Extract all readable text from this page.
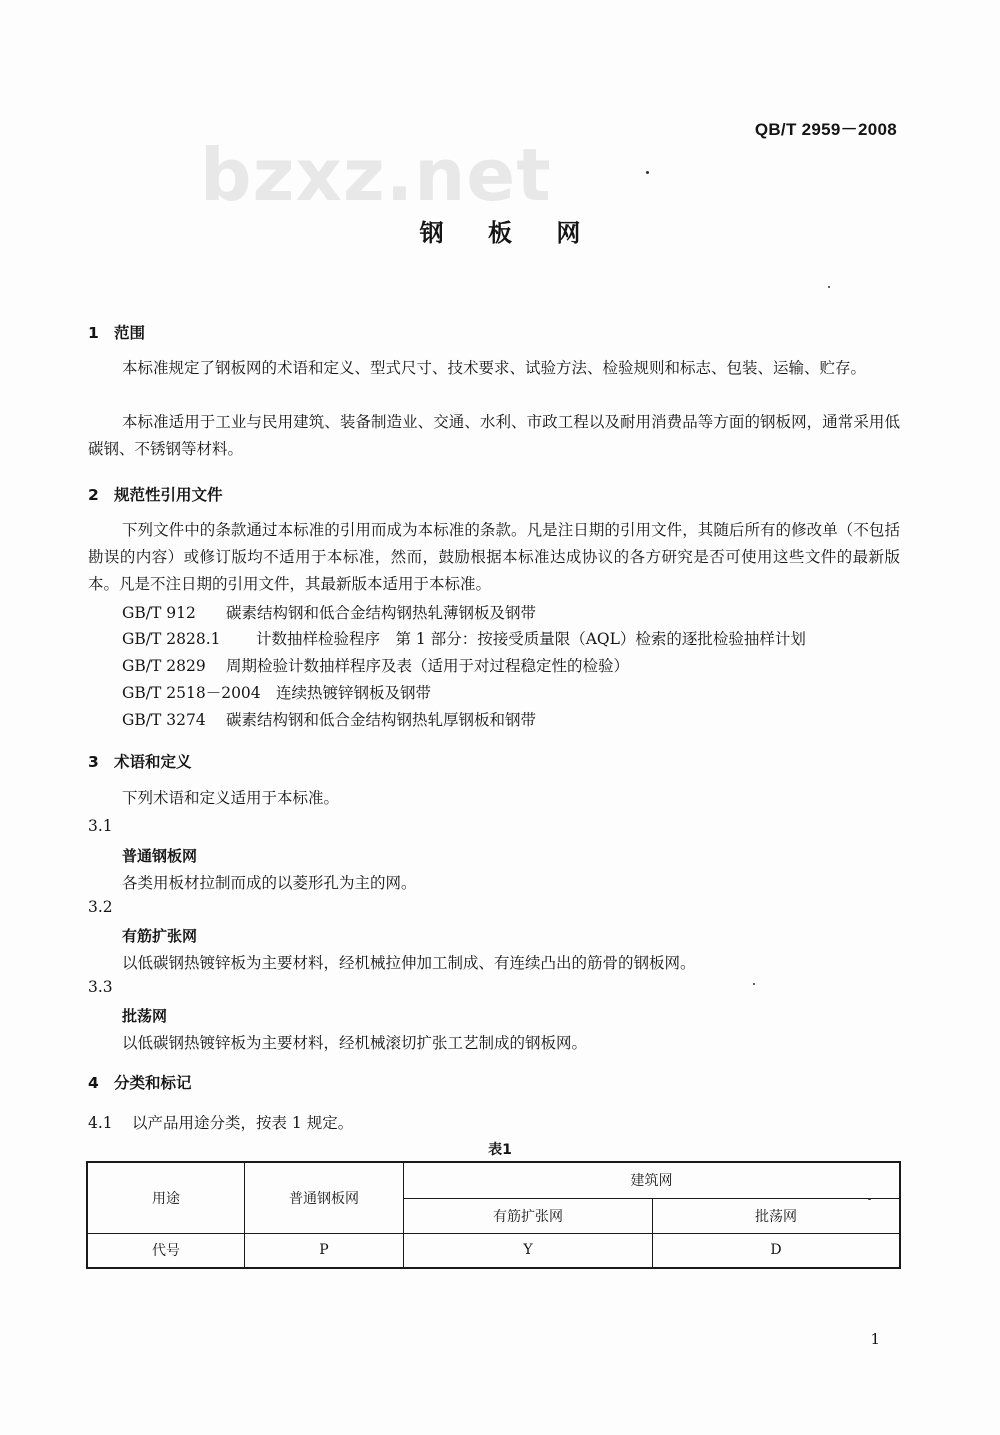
bzxz.net
QB/T 2959－2008
钢 板 网
1 范围
本标准规定了钢板网的术语和定义、型式尺寸、技术要求、试验方法、检验规则和标志、包装、运输、贮存。
本标准适用于工业与民用建筑、装备制造业、交通、水利、市政工程以及耐用消费品等方面的钢板网，通常采用低碳钢、不锈钢等材料。
2 规范性引用文件
下列文件中的条款通过本标准的引用而成为本标准的条款。凡是注日期的引用文件，其随后所有的修改单（不包括勘误的内容）或修订版均不适用于本标准，然而，鼓励根据本标准达成协议的各方研究是否可使用这些文件的最新版本。凡是不注日期的引用文件，其最新版本适用于本标准。
GB/T 912 碳素结构钢和低合金结构钢热轧薄钢板及钢带
GB/T 2828.1 计数抽样检验程序　第 1 部分：按接受质量限（AQL）检索的逐批检验抽样计划
GB/T 2829 周期检验计数抽样程序及表（适用于对过程稳定性的检验）
GB/T 2518－2004 连续热镀锌钢板及钢带
GB/T 3274 碳素结构钢和低合金结构钢热轧厚钢板和钢带
3 术语和定义
下列术语和定义适用于本标准。
3.1
普通钢板网
各类用板材拉制而成的以菱形孔为主的网。
3.2
有筋扩张网
以低碳钢热镀锌板为主要材料，经机械拉伸加工制成、有连续凸出的筋骨的钢板网。
3.3
批荡网
以低碳钢热镀锌板为主要材料，经机械滚切扩张工艺制成的钢板网。
4 分类和标记
4.1 以产品用途分类，按表 1 规定。
表1
用途	普通钢板网	建筑网	
		有筋扩张网	批荡网
代号	P	Y	D
1
